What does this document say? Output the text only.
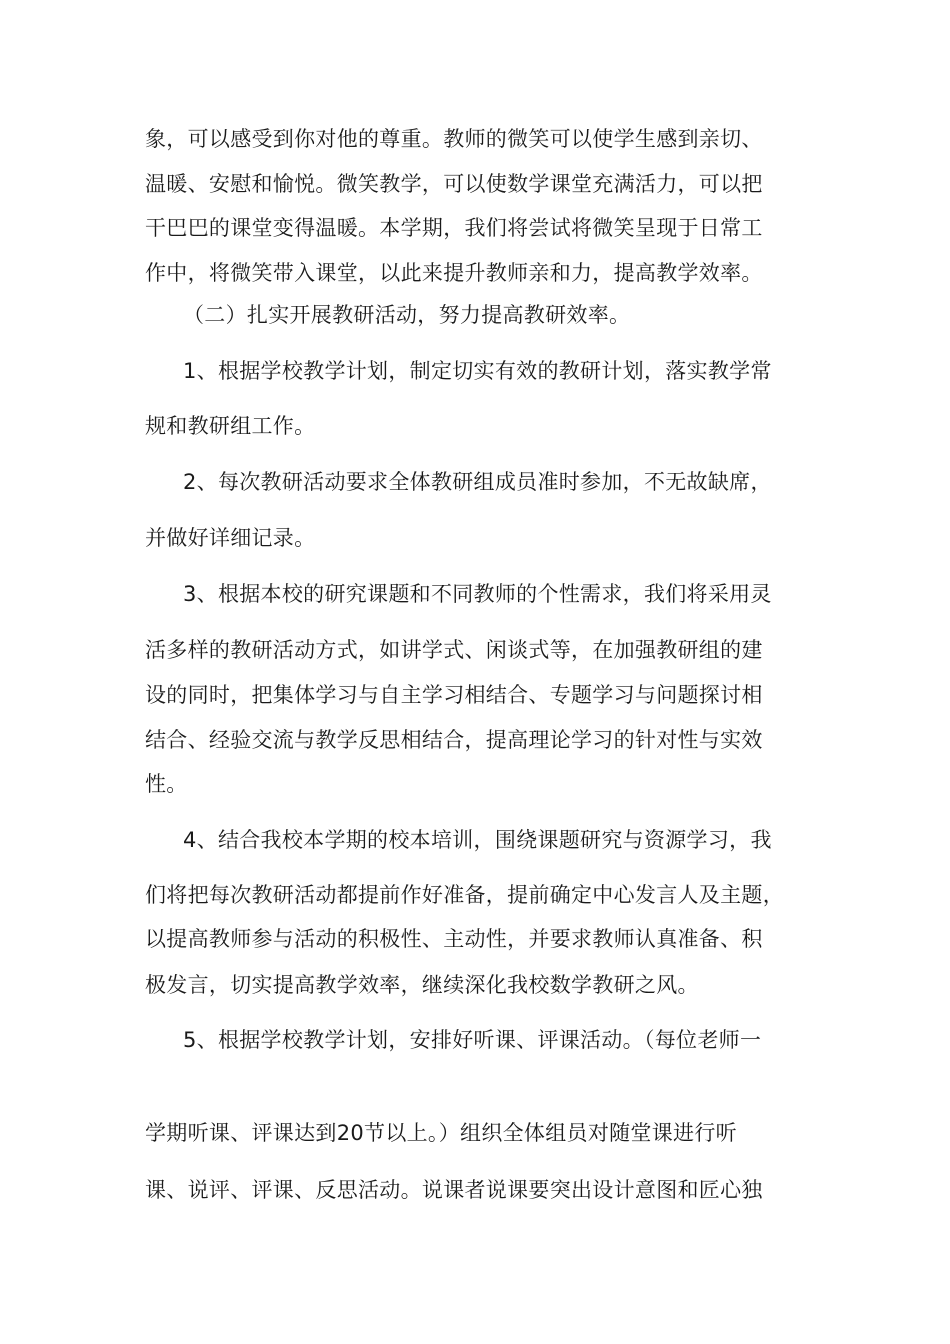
象，可以感受到你对他的尊重。教师的微笑可以使学生感到亲切、

温暖、安慰和愉悦。微笑教学，可以使数学课堂充满活力，可以把

干巴巴的课堂变得温暖。本学期，我们将尝试将微笑呈现于日常工

作中，将微笑带入课堂，以此来提升教师亲和力，提高教学效率。

（二）扎实开展教研活动，努力提高教研效率。

1、根据学校教学计划，制定切实有效的教研计划，落实教学常

规和教研组工作。

2、每次教研活动要求全体教研组成员准时参加，不无故缺席，

并做好详细记录。

3、根据本校的研究课题和不同教师的个性需求，我们将采用灵

活多样的教研活动方式，如讲学式、闲谈式等，在加强教研组的建

设的同时，把集体学习与自主学习相结合、专题学习与问题探讨相

结合、经验交流与教学反思相结合，提高理论学习的针对性与实效

性。

4、结合我校本学期的校本培训，围绕课题研究与资源学习，我

们将把每次教研活动都提前作好准备，提前确定中心发言人及主题，

以提高教师参与活动的积极性、主动性，并要求教师认真准备、积

极发言，切实提高教学效率，继续深化我校数学教研之风。

5、根据学校教学计划，安排好听课、评课活动。（每位老师一

学期听课、评课达到20节以上。）组织全体组员对随堂课进行听

课、说评、评课、反思活动。说课者说课要突出设计意图和匠心独
